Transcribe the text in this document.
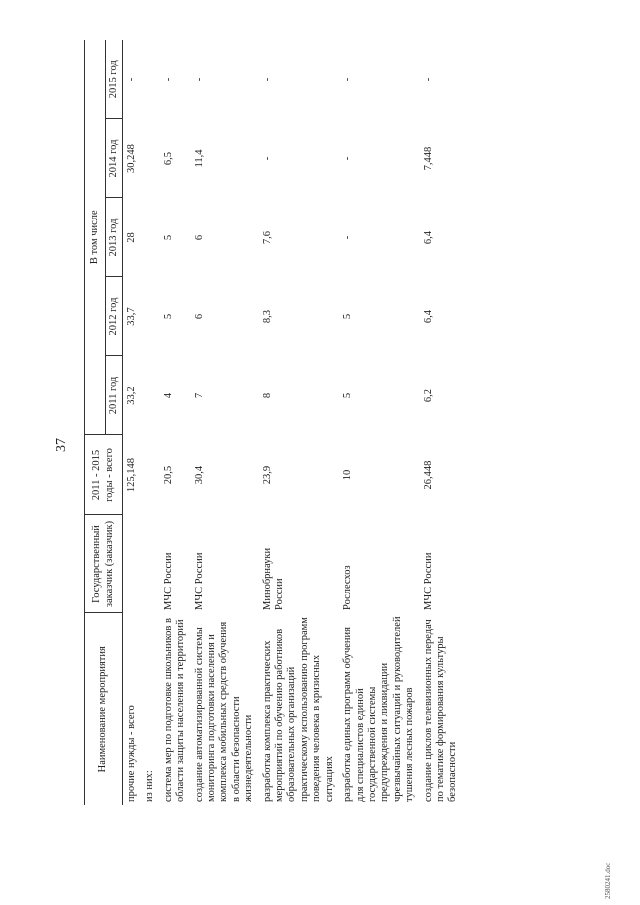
37
Наименование мероприятия	Государственный заказчик (заказчик)	2011 - 2015 годы - всего	В том числе				
			2011 год	2012 год	2013 год	2014 год	2015 год
прочие нужды - всего		125,148	33,2	33,7	28	30,248	-
из них:							
система мер по подготовке школьников в области защиты населения и территорий	МЧС России	20,5	4	5	5	6,5	-
создание автоматизированной системы мониторинга подготовки населения и комплекса мобильных средств обучения в области безопасности жизнедеятельности	МЧС России	30,4	7	6	6	11,4	-
разработка комплекса практических мероприятий по обучению работников образовательных организаций практическому использованию программ поведения человека в кризисных ситуациях	Минобрнауки России	23,9	8	8,3	7,6	-	-
разработка единых программ обучения для специалистов единой государственной системы предупреждения и ликвидации чрезвычайных ситуаций и руководителей тушения лесных пожаров	Рослесхоз	10	5	5	-	-	-
создание циклов телевизионных передач по тематике формирования культуры безопасности	МЧС России	26,448	6,2	6,4	6,4	7,448	-
2580241.doc
